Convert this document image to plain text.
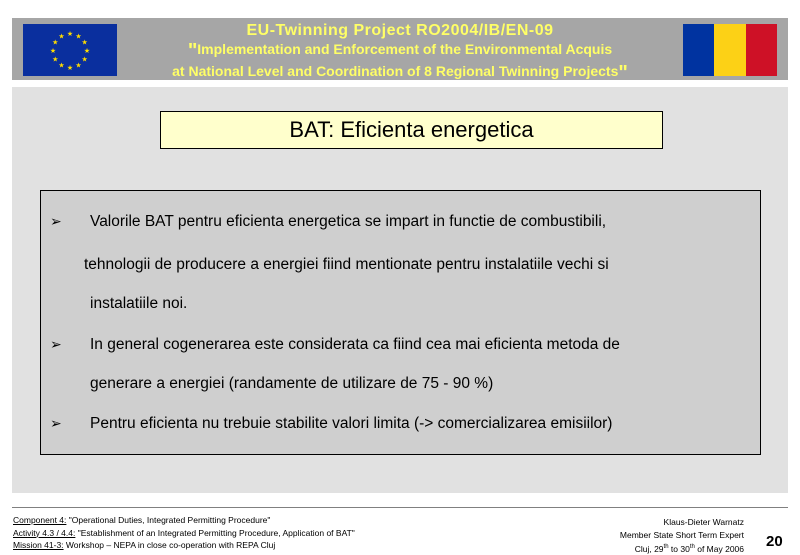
★ ★
★
★
★
★
★
★
★
★
★
★	EU-Twinning Project RO2004/IB/EN-09
"Implementation and Enforcement of the Environmental Acquis
at National Level and Coordination of 8 Regional Twinning Projects"
BAT: Eficienta energetica
➢ Valorile BAT pentru eficienta energetica se impart in functie de combustibili,
tehnologii de producere a energiei fiind mentionate pentru instalatiile vechi si
instalatiile noi.
➢ In general cogenerarea este considerata ca fiind cea mai eficienta metoda de
generare a energiei (randamente de utilizare de 75 - 90 %)
➢ Pentru eficienta nu trebuie stabilite valori limita (-> comercializarea emisiilor)
Component 4: "Operational Duties, Integrated Permitting Procedure"
Activity 4.3 / 4.4: "Establishment of an Integrated Permitting Procedure, Application of BAT"
Mission 41-3: Workshop – NEPA in close co-operation with REPA Cluj
Klaus-Dieter Warnatz
Member State Short Term Expert
Cluj, 29th to 30th of May 2006 20
